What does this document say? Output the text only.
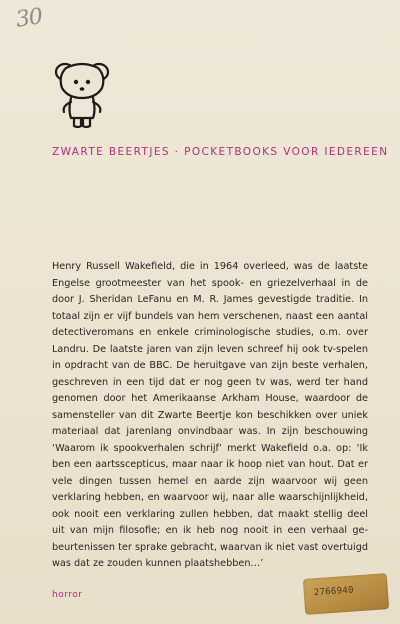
30
ZWARTE BEERTJES · POCKETBOOKS VOOR IEDEREEN
Henry Russell Wakefield, die in 1964 overleed, was de laatste Engelse grootmeester van het spook- en griezelverhaal in de door J. Sheridan LeFanu en M. R. James gevestigde traditie. In totaal zijn er vijf bundels van hem verschenen, naast een aantal detectiveromans en enkele criminologische studies, o.m. over Landru. De laatste jaren van zijn leven schreef hij ook tv-spelen in opdracht van de BBC. De heruitgave van zijn beste verhalen, geschreven in een tijd dat er nog geen tv was, werd ter hand genomen door het Amerikaanse Arkham House, waardoor de samensteller van dit Zwarte Beertje kon beschikken over uniek materiaal dat jarenlang onvindbaar was. In zijn beschouwing ‘Waarom ik spookverhalen schrijf’ merkt Wakefield o.a. op: ‘Ik ben een aartsscepticus, maar naar ik hoop niet van hout. Dat er vele dingen tussen hemel en aarde zijn waarvoor wij geen verklaring hebben, en waarvoor wij, naar alle waarschijnlijkheid, ook nooit een verklaring zullen hebben, dat maakt stellig deel uit van mijn filosofie; en ik heb nog nooit in een verhaal gebeurtenissen ter sprake gebracht, waarvan ik niet vast overtuigd was dat ze zouden kunnen plaatshebben…’
horror	2766940
